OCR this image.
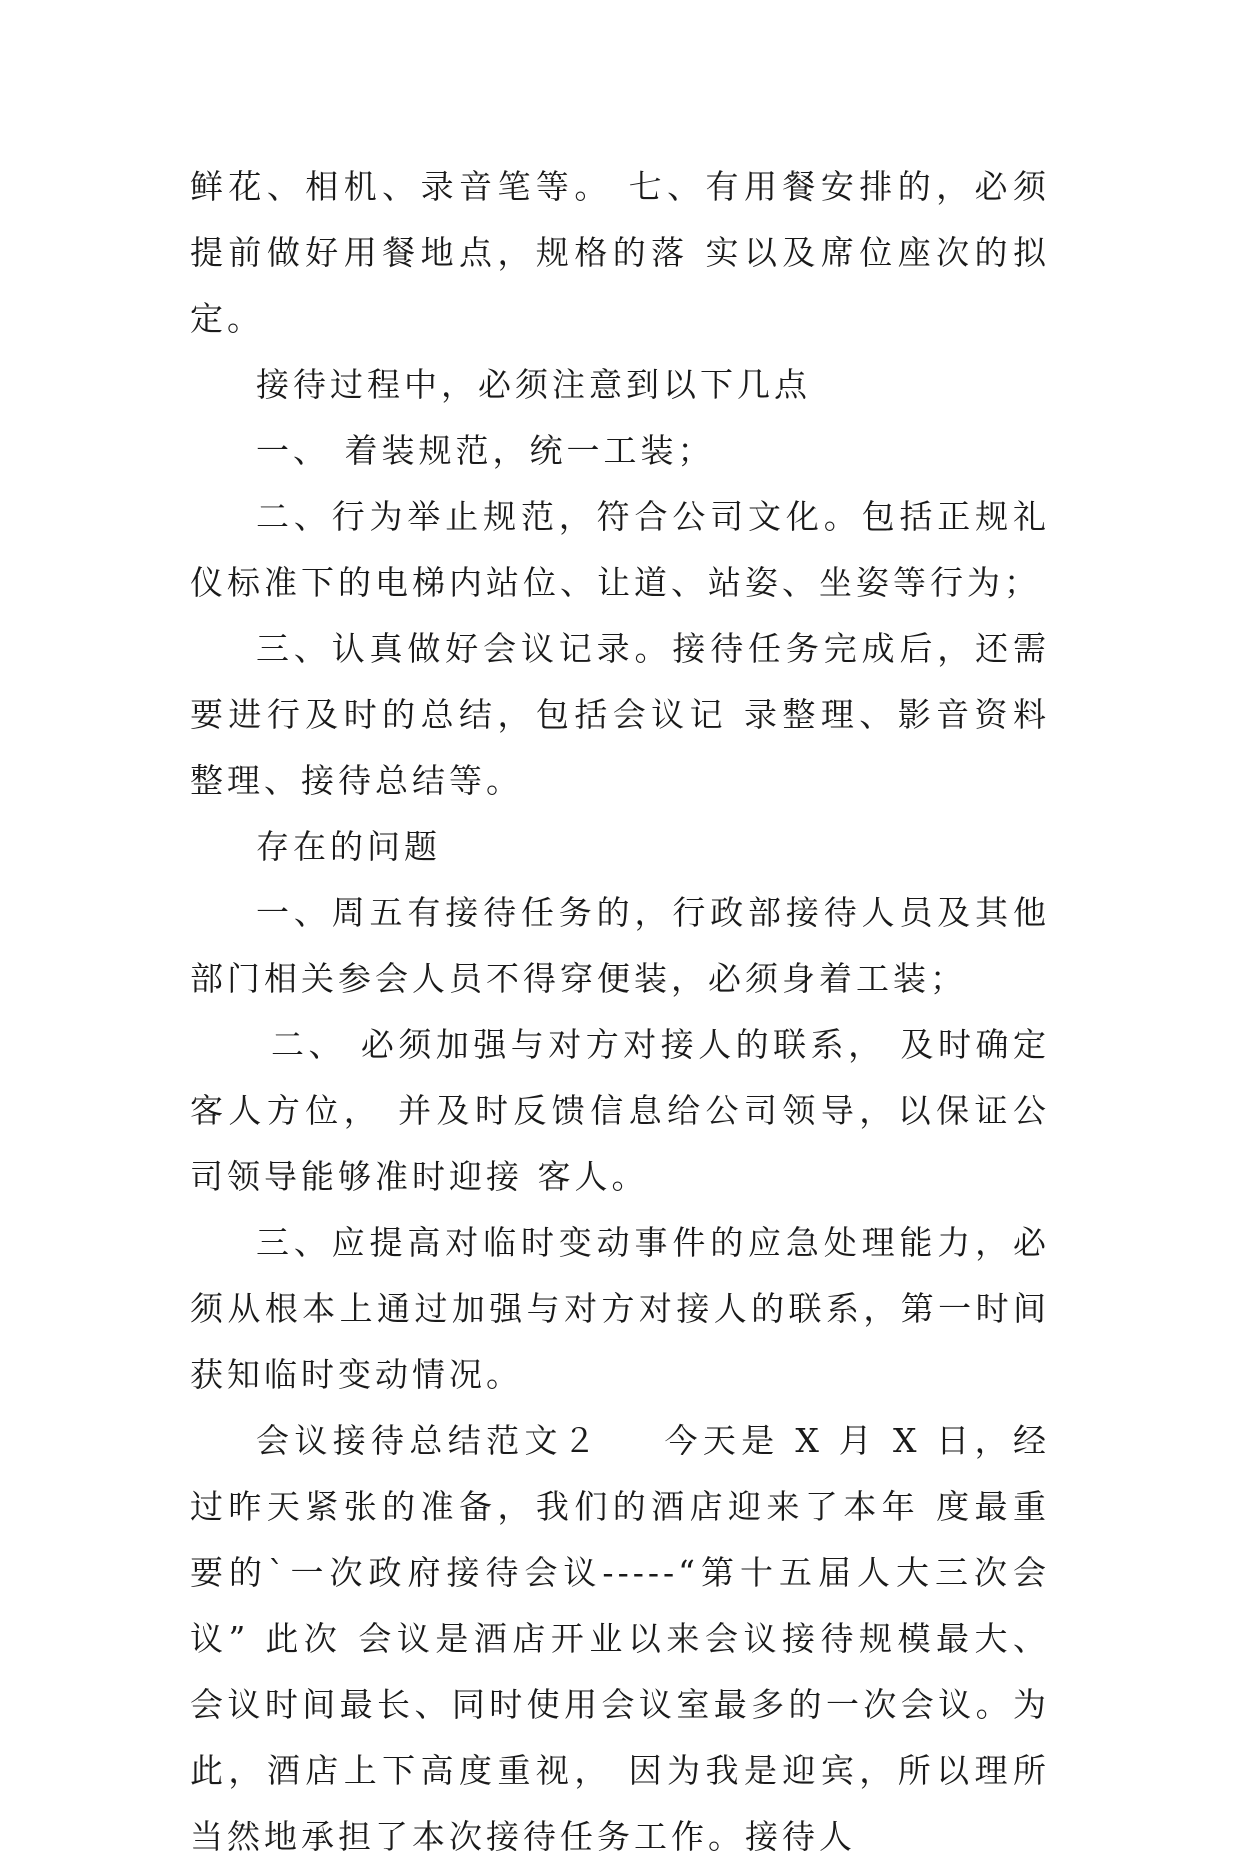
鲜花、相机、录音笔等。 七、有用餐安排的，必须提前做好用餐地点，规格的落 实以及席位座次的拟定。

接待过程中，必须注意到以下几点

一、 着装规范，统一工装；

二、行为举止规范，符合公司文化。包括正规礼仪标准下的电梯内站位、让道、站姿、坐姿等行为；

三、认真做好会议记录。接待任务完成后，还需要进行及时的总结，包括会议记 录整理、影音资料整理、接待总结等。

存在的问题

一、周五有接待任务的，行政部接待人员及其他部门相关参会人员不得穿便装，必须身着工装；

二、 必须加强与对方对接人的联系， 及时确定客人方位， 并及时反馈信息给公司领导，以保证公司领导能够准时迎接 客人。

三、应提高对临时变动事件的应急处理能力，必须从根本上通过加强与对方对接人的联系，第一时间获知临时变动情况。

会议接待总结范文２    今天是 X 月 X 日，经过昨天紧张的准备，我们的酒店迎来了本年 度最重要的`一次政府接待会议-----“第十五届人大三次会议” 此次 会议是酒店开业以来会议接待规模最大、会议时间最长、同时使用会议室最多的一次会议。为此，酒店上下高度重视， 因为我是迎宾，所以理所当然地承担了本次接待任务工作。接待人
